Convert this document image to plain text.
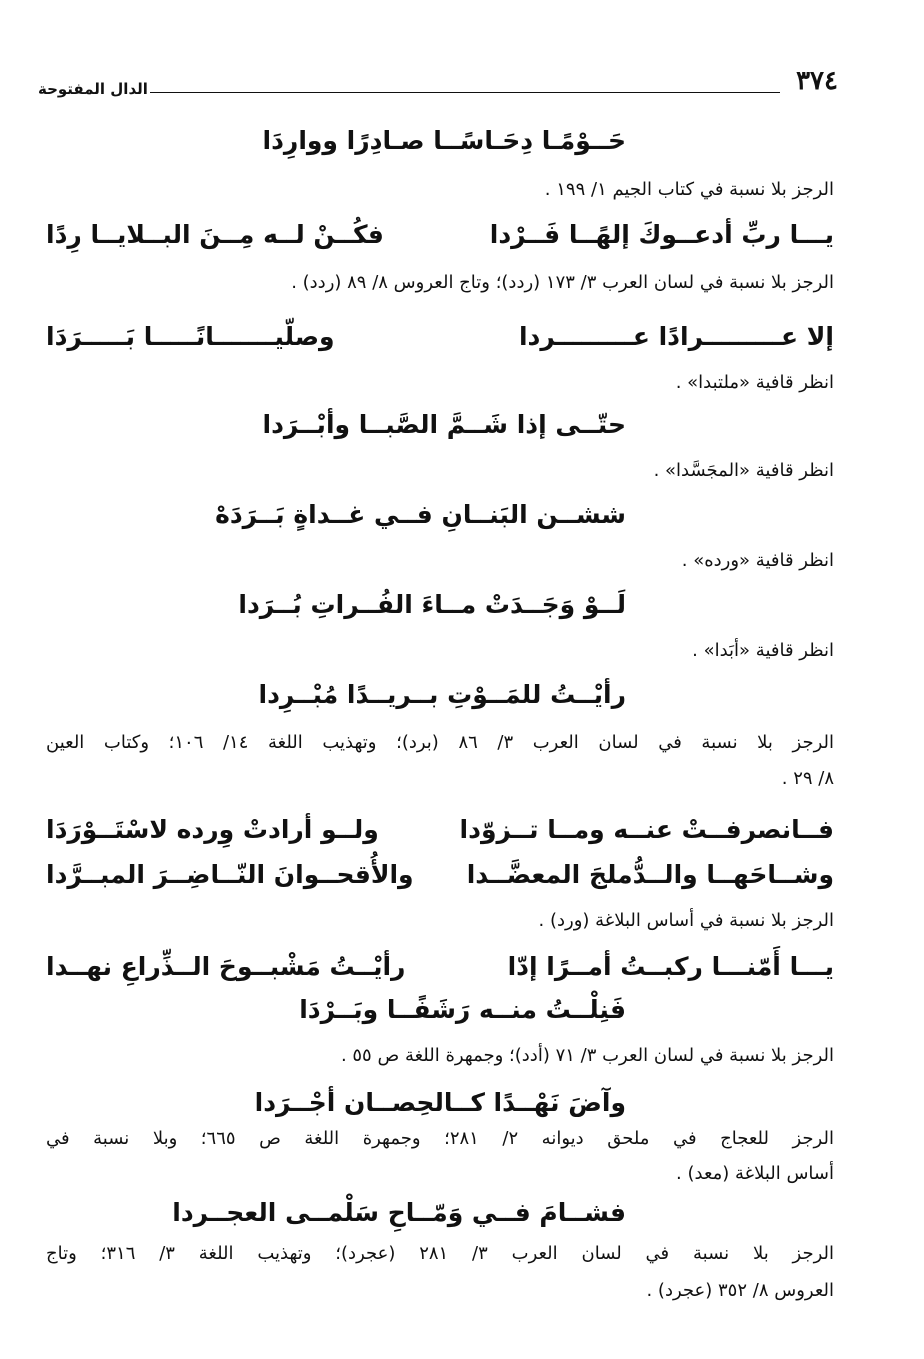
٣٧٤
الدال المفتوحة
حَــوْمًـا دِحَـاسًــا صـادِرًا ووارِدَا
الرجز بلا نسبة في كتاب الجيم ١/ ١٩٩ .
يـــا ربِّ أدعــوكَ إلهًــا فَــرْدا فكُــنْ لــه مِــنَ البــلايــا رِدًا
الرجز بلا نسبة في لسان العرب ٣/ ١٧٣ (ردد)؛ وتاج العروس ٨/ ٨٩ (ردد) .
إلا عـــــــــرادًا عـــــــــردا وصلّيـــــــانًـــــا بَـــــرَدَا
انظر قافية «ملتبدا» .
حتّــى إذا شَــمَّ الصَّبــا وأبْــرَدا
انظر قافية «المجَسَّدا» .
ششــن البَنــانِ فــي غــداةٍ بَــرَدَهْ
انظر قافية «ورده» .
لَــوْ وَجَــدَتْ مــاءَ الفُــراتِ بُــرَدا
انظر قافية «أبَدا» .
رأيْــتُ للمَــوْتِ بــريــدًا مُبْــرِدا
الرجز بلا نسبة في لسان العرب ٣/ ٨٦ (برد)؛ وتهذيب اللغة ١٤/ ١٠٦؛ وكتاب العين
٨/ ٢٩ .
فــانصرفــتْ عنــه ومــا تــزوّدا ولــو أرادتْ وِرده لاسْتَــوْرَدَا
وشــاحَهــا والــدُّملجَ المعضَّــدا والأُقحــوانَ النّــاضِــرَ المبــرَّدا
الرجز بلا نسبة في أساس البلاغة (ورد) .
يـــا أَمّنـــا ركبــتُ أمــرًا إدّا رأيْــتُ مَشْبــوحَ الــذِّراعِ نهــدا
فَنِلْــتُ منــه رَشَفًــا وبَــرْدَا
الرجز بلا نسبة في لسان العرب ٣/ ٧١ (أدد)؛ وجمهرة اللغة ص ٥٥ .
وآضَ نَهْــدًا كــالحِصــان أجْــرَدا
الرجز للعجاج في ملحق ديوانه ٢/ ٢٨١؛ وجمهرة اللغة ص ٦٦٥؛ وبلا نسبة في
أساس البلاغة (معد) .
فشــامَ فــي وَمّــاحِ سَلْمــى العجــردا
الرجز بلا نسبة في لسان العرب ٣/ ٢٨١ (عجرد)؛ وتهذيب اللغة ٣/ ٣١٦؛ وتاج
العروس ٨/ ٣٥٢ (عجرد) .
